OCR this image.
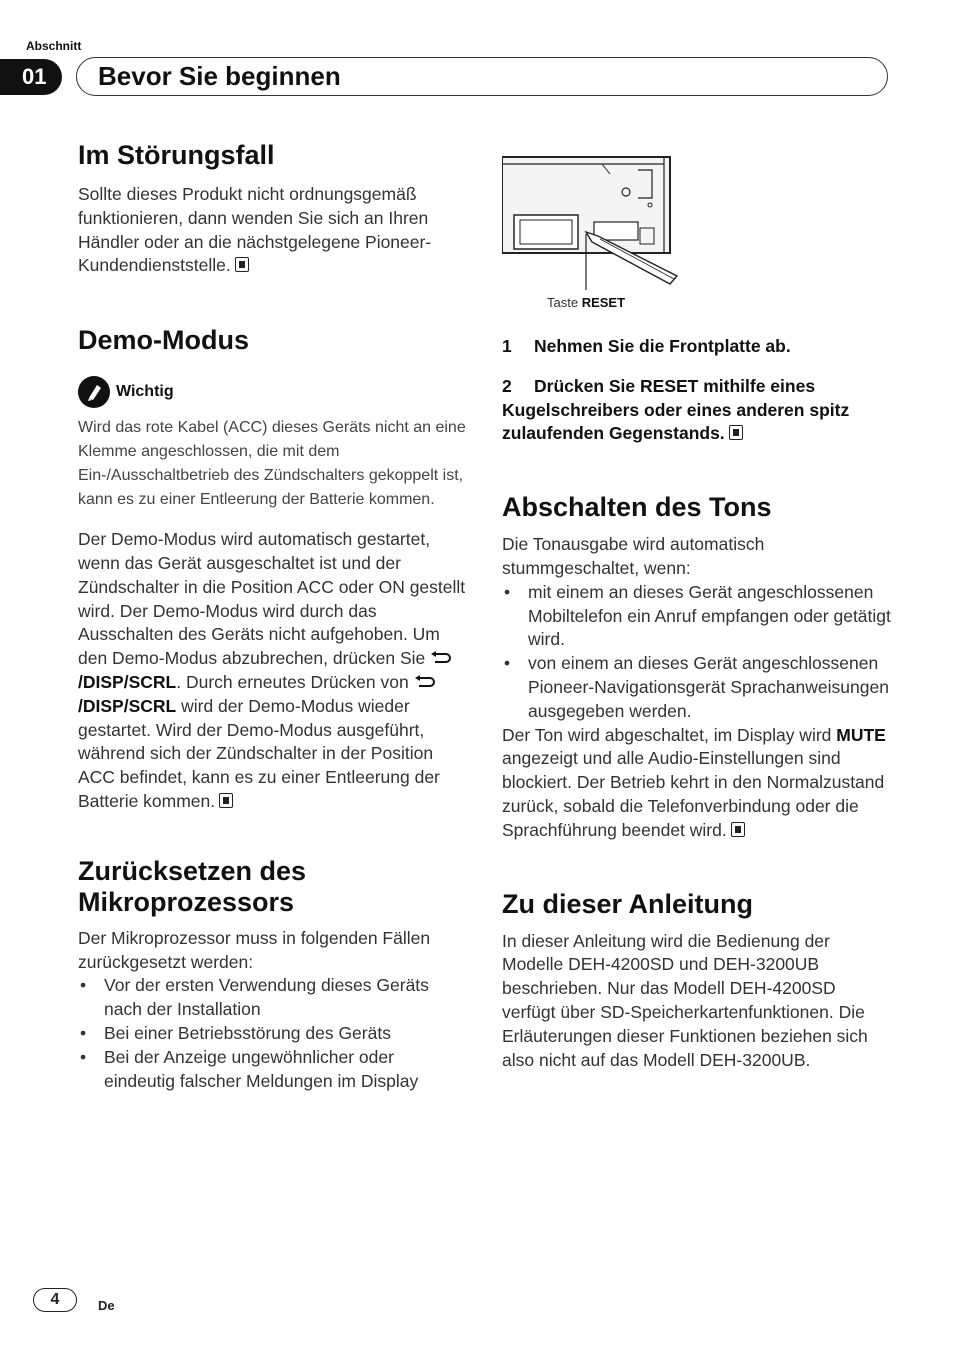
Abschnitt
01	Bevor Sie beginnen
Im Störungsfall

Sollte dieses Produkt nicht ordnungsgemäß funktionieren, dann wenden Sie sich an Ihren Händler oder an die nächstgelegene Pioneer-Kundendienststelle.

Demo-Modus
Wichtig
Wird das rote Kabel (ACC) dieses Geräts nicht an eine Klemme angeschlossen, die mit dem Ein-/Ausschaltbetrieb des Zündschalters gekoppelt ist, kann es zu einer Entleerung der Batterie kommen.

Der Demo-Modus wird automatisch gestartet, wenn das Gerät ausgeschaltet ist und der Zündschalter in die Position ACC oder ON gestellt wird. Der Demo-Modus wird durch das Ausschalten des Geräts nicht aufgehoben. Um den Demo-Modus abzubrechen, drücken Sie /DISP/SCRL. Durch erneutes Drücken von /DISP/SCRL wird der Demo-Modus wieder gestartet. Wird der Demo-Modus ausgeführt, während sich der Zündschalter in der Position ACC befindet, kann es zu einer Entleerung der Batterie kommen.

Zurücksetzen des Mikroprozessors

Der Mikroprozessor muss in folgenden Fällen zurückgesetzt werden:

• Vor der ersten Verwendung dieses Geräts nach der Installation
• Bei einer Betriebsstörung des Geräts
• Bei der Anzeige ungewöhnlicher oder eindeutig falscher Meldungen im Display
Taste RESET
1 Nehmen Sie die Frontplatte ab.
2 Drücken Sie RESET mithilfe eines Kugelschreibers oder eines anderen spitz zulaufenden Gegenstands.
Abschalten des Tons

Die Tonausgabe wird automatisch stummgeschaltet, wenn:

• mit einem an dieses Gerät angeschlossenen Mobiltelefon ein Anruf empfangen oder getätigt wird.
• von einem an dieses Gerät angeschlossenen Pioneer-Navigationsgerät Sprachanweisungen ausgegeben werden.

Der Ton wird abgeschaltet, im Display wird MUTE angezeigt und alle Audio-Einstellungen sind blockiert. Der Betrieb kehrt in den Normalzustand zurück, sobald die Telefonverbindung oder die Sprachführung beendet wird.

Zu dieser Anleitung

In dieser Anleitung wird die Bedienung der Modelle DEH-4200SD und DEH-3200UB beschrieben. Nur das Modell DEH-4200SD verfügt über SD-Speicherkartenfunktionen. Die Erläuterungen dieser Funktionen beziehen sich also nicht auf das Modell DEH-3200UB.

4	De
